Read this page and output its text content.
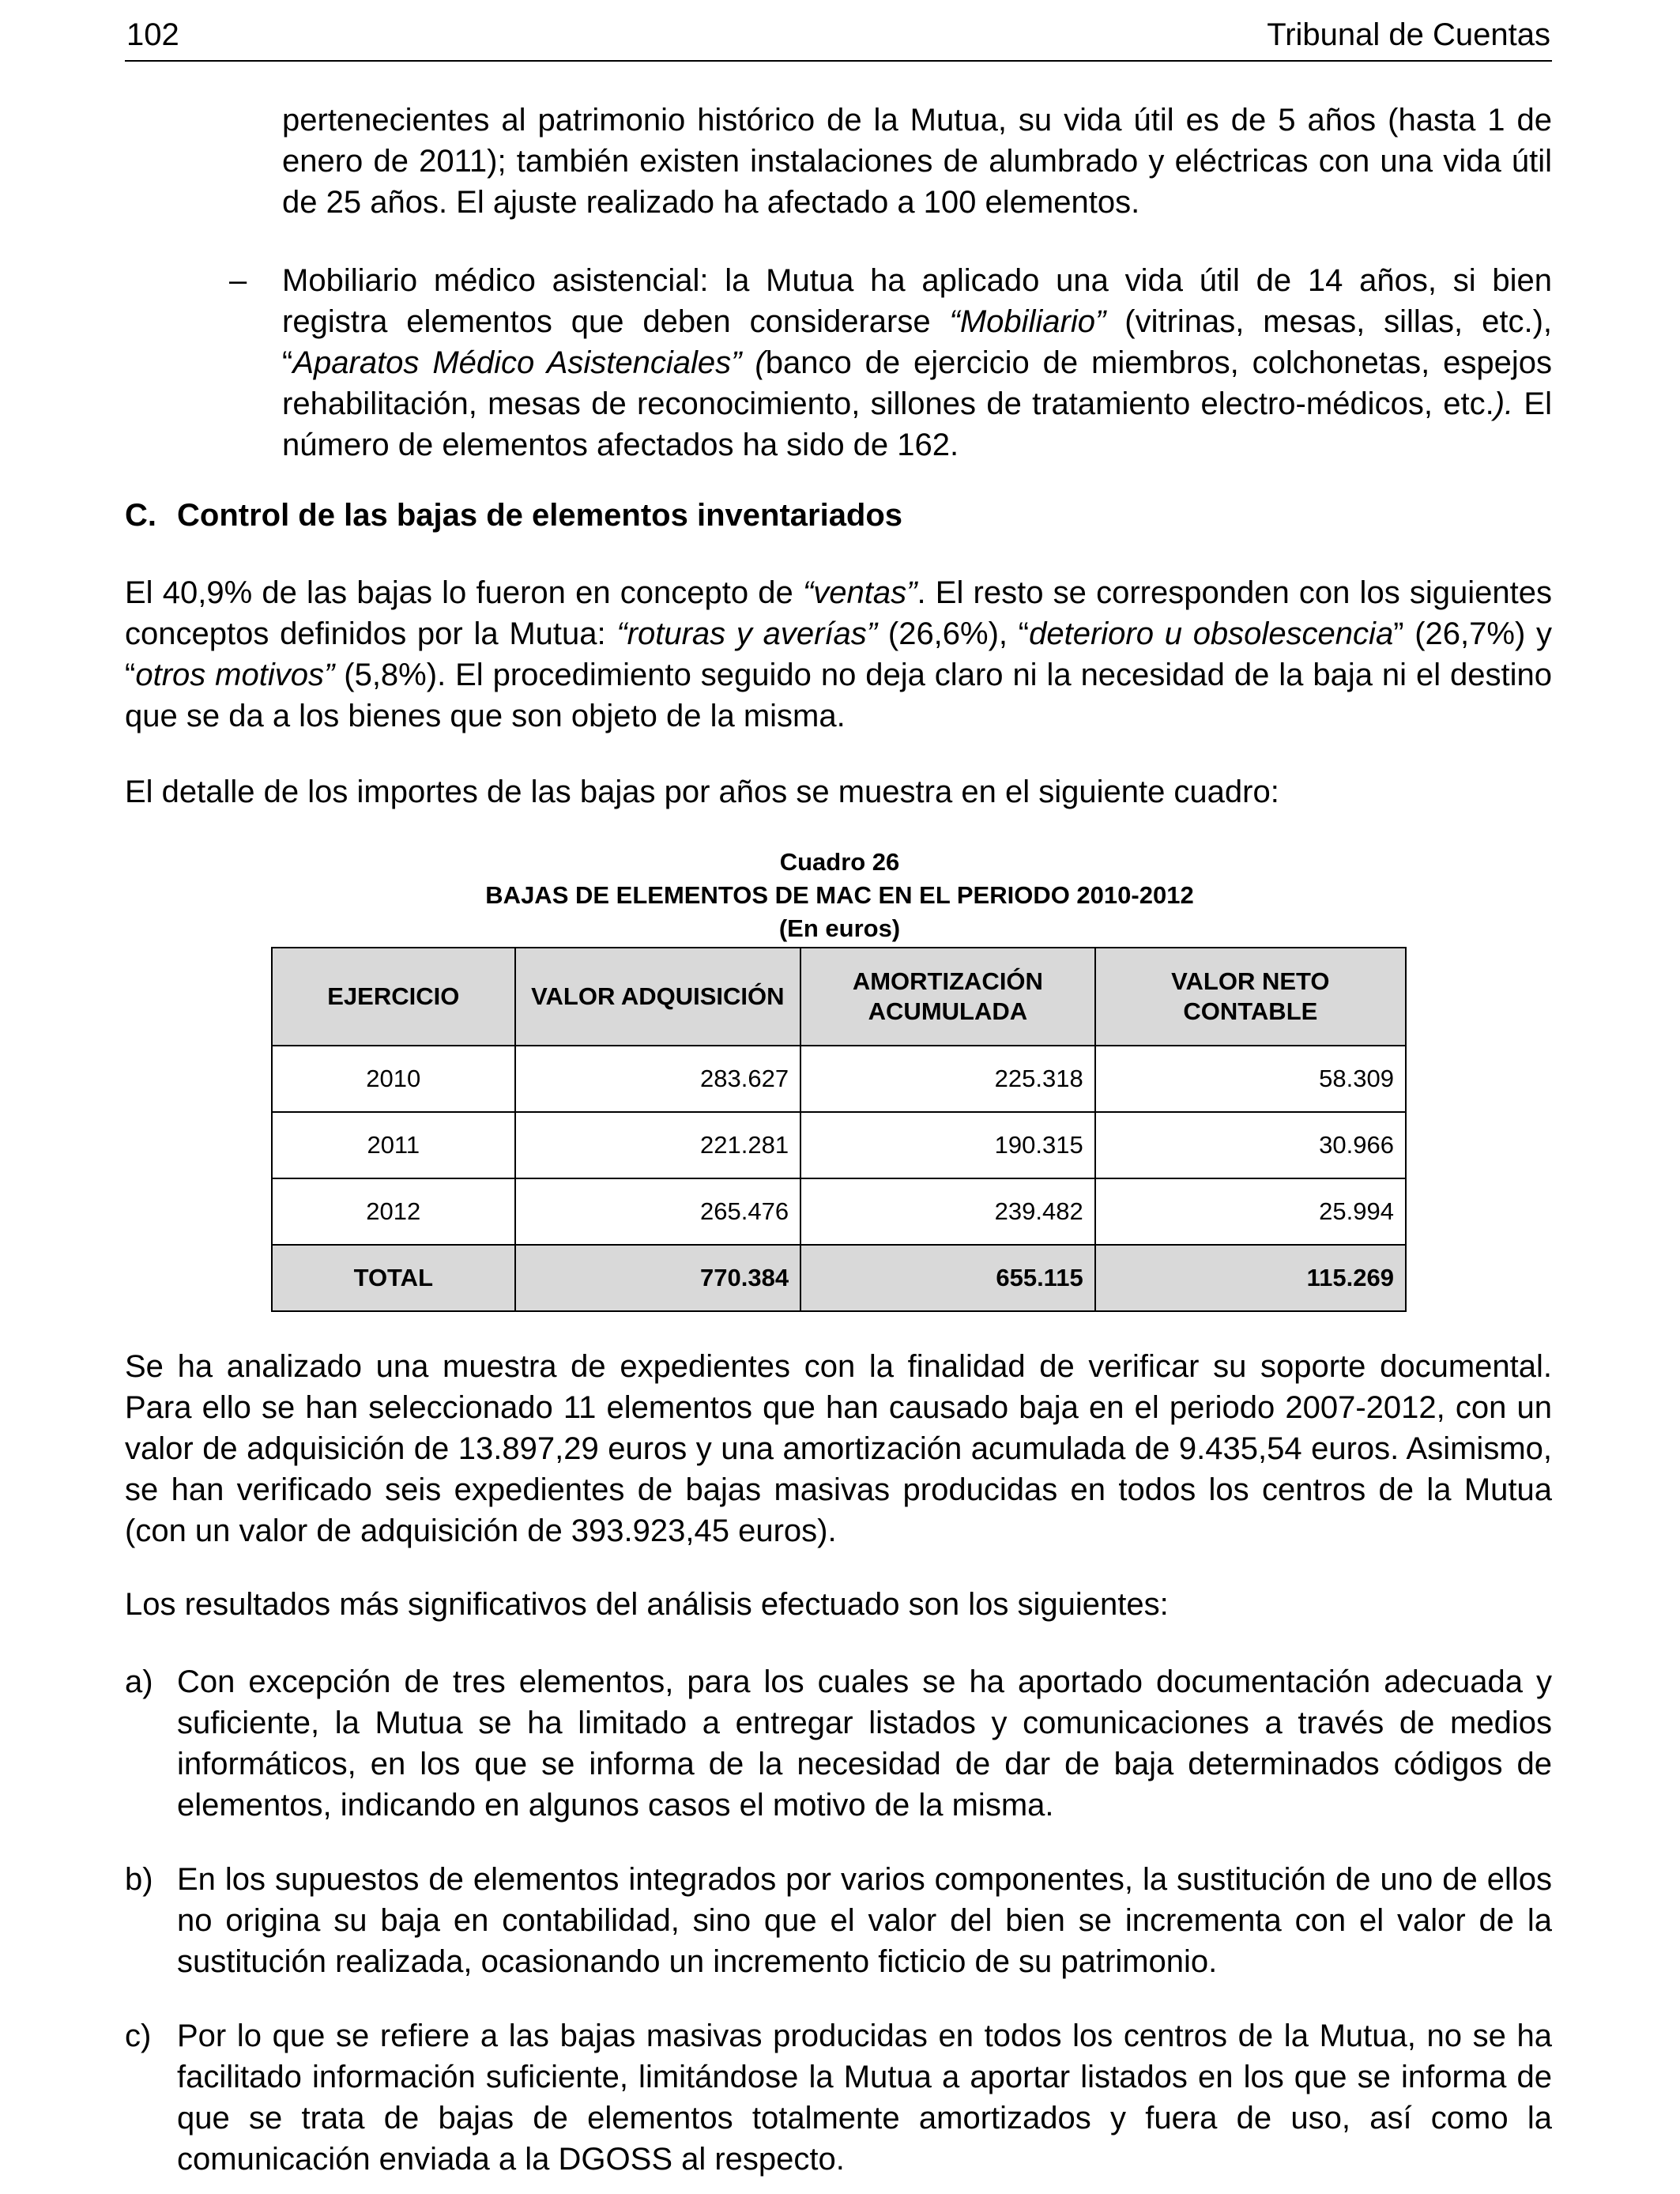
102	Tribunal de Cuentas

pertenecientes al patrimonio histórico de la Mutua, su vida útil es de 5 años (hasta 1 de enero de 2011); también existen instalaciones de alumbrado y eléctricas con una vida útil de 25 años. El ajuste realizado ha afectado a 100 elementos.

– Mobiliario médico asistencial: la Mutua ha aplicado una vida útil de 14 años, si bien registra elementos que deben considerarse “Mobiliario” (vitrinas, mesas, sillas, etc.), “Aparatos Médico Asistenciales” (banco de ejercicio de miembros, colchonetas, espejos rehabilitación, mesas de reconocimiento, sillones de tratamiento electro-médicos, etc.). El número de elementos afectados ha sido de 162.

C. Control de las bajas de elementos inventariados

El 40,9% de las bajas lo fueron en concepto de “ventas”. El resto se corresponden con los siguientes conceptos definidos por la Mutua: “roturas y averías” (26,6%), “deterioro u obsolescencia” (26,7%) y “otros motivos” (5,8%). El procedimiento seguido no deja claro ni la necesidad de la baja ni el destino que se da a los bienes que son objeto de la misma.

El detalle de los importes de las bajas por años se muestra en el siguiente cuadro:

Cuadro 26
BAJAS DE ELEMENTOS DE MAC EN EL PERIODO 2010-2012
(En euros)
EJERCICIO	VALOR ADQUISICIÓN	AMORTIZACIÓN ACUMULADA	VALOR NETO CONTABLE
2010	283.627	225.318	58.309
2011	221.281	190.315	30.966
2012	265.476	239.482	25.994
TOTAL	770.384	655.115	115.269

Se ha analizado una muestra de expedientes con la finalidad de verificar su soporte documental. Para ello se han seleccionado 11 elementos que han causado baja en el periodo 2007-2012, con un valor de adquisición de 13.897,29 euros y una amortización acumulada de 9.435,54 euros. Asimismo, se han verificado seis expedientes de bajas masivas producidas en todos los centros de la Mutua (con un valor de adquisición de 393.923,45 euros).

Los resultados más significativos del análisis efectuado son los siguientes:

a) Con excepción de tres elementos, para los cuales se ha aportado documentación adecuada y suficiente, la Mutua se ha limitado a entregar listados y comunicaciones a través de medios informáticos, en los que se informa de la necesidad de dar de baja determinados códigos de elementos, indicando en algunos casos el motivo de la misma.

b) En los supuestos de elementos integrados por varios componentes, la sustitución de uno de ellos no origina su baja en contabilidad, sino que el valor del bien se incrementa con el valor de la sustitución realizada, ocasionando un incremento ficticio de su patrimonio.

c) Por lo que se refiere a las bajas masivas producidas en todos los centros de la Mutua, no se ha facilitado información suficiente, limitándose la Mutua a aportar listados en los que se informa de que se trata de bajas de elementos totalmente amortizados y fuera de uso, así como la comunicación enviada a la DGOSS al respecto.
